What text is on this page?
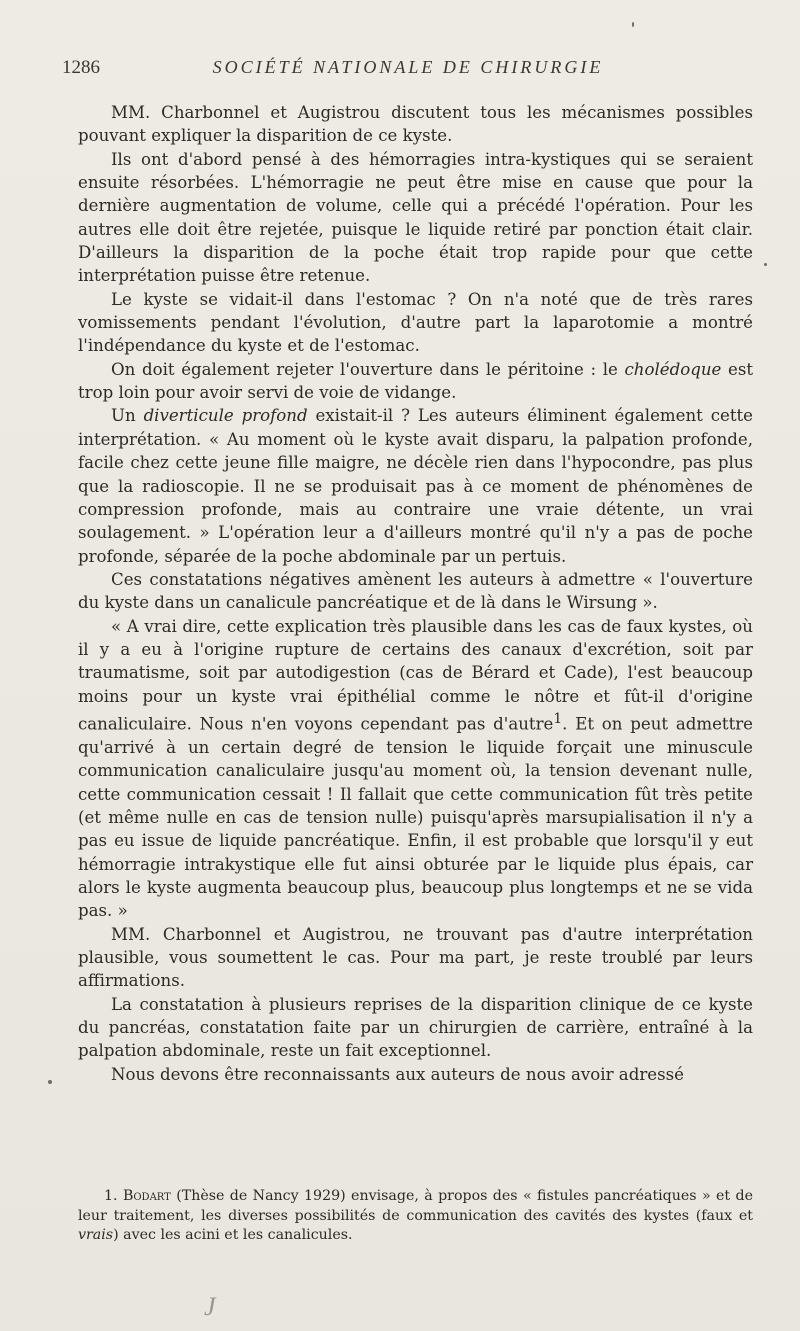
1286	SOCIÉTÉ NATIONALE DE CHIRURGIE

MM. Charbonnel et Augistrou discutent tous les mécanismes possibles pouvant expliquer la disparition de ce kyste.

Ils ont d'abord pensé à des hémorragies intra-kystiques qui se seraient ensuite résorbées. L'hémorragie ne peut être mise en cause que pour la dernière augmentation de volume, celle qui a précédé l'opération. Pour les autres elle doit être rejetée, puisque le liquide retiré par ponction était clair. D'ailleurs la disparition de la poche était trop rapide pour que cette interprétation puisse être retenue.

Le kyste se vidait-il dans l'estomac ? On n'a noté que de très rares vomissements pendant l'évolution, d'autre part la laparotomie a montré l'indépendance du kyste et de l'estomac.

On doit également rejeter l'ouverture dans le péritoine : le cholédoque est trop loin pour avoir servi de voie de vidange.

Un diverticule profond existait-il ? Les auteurs éliminent également cette interprétation. « Au moment où le kyste avait disparu, la palpation profonde, facile chez cette jeune fille maigre, ne décèle rien dans l'hypocondre, pas plus que la radioscopie. Il ne se produisait pas à ce moment de phénomènes de compression profonde, mais au contraire une vraie détente, un vrai soulagement. » L'opération leur a d'ailleurs montré qu'il n'y a pas de poche profonde, séparée de la poche abdominale par un pertuis.

Ces constatations négatives amènent les auteurs à admettre « l'ouverture du kyste dans un canalicule pancréatique et de là dans le Wirsung ».

« A vrai dire, cette explication très plausible dans les cas de faux kystes, où il y a eu à l'origine rupture de certains des canaux d'excrétion, soit par traumatisme, soit par autodigestion (cas de Bérard et Cade), l'est beaucoup moins pour un kyste vrai épithélial comme le nôtre et fût-il d'origine canaliculaire. Nous n'en voyons cependant pas d'autre$^1$. Et on peut admettre qu'arrivé à un certain degré de tension le liquide forçait une minuscule communication canaliculaire jusqu'au moment où, la tension devenant nulle, cette communication cessait ! Il fallait que cette communication fût très petite (et même nulle en cas de tension nulle) puisqu'après marsupialisation il n'y a pas eu issue de liquide pancréatique. Enfin, il est probable que lorsqu'il y eut hémorragie intrakystique elle fut ainsi obturée par le liquide plus épais, car alors le kyste augmenta beaucoup plus, beaucoup plus longtemps et ne se vida pas. »

MM. Charbonnel et Augistrou, ne trouvant pas d'autre interprétation plausible, vous soumettent le cas. Pour ma part, je reste troublé par leurs affirmations.

La constatation à plusieurs reprises de la disparition clinique de ce kyste du pancréas, constatation faite par un chirurgien de carrière, entraîné à la palpation abdominale, reste un fait exceptionnel.

Nous devons être reconnaissants aux auteurs de nous avoir adressé

1. Bodart (Thèse de Nancy 1929) envisage, à propos des « fistules pancréatiques » et de leur traitement, les diverses possibilités de communication des cavités des kystes (faux et vrais) avec les acini et les canalicules.

J
